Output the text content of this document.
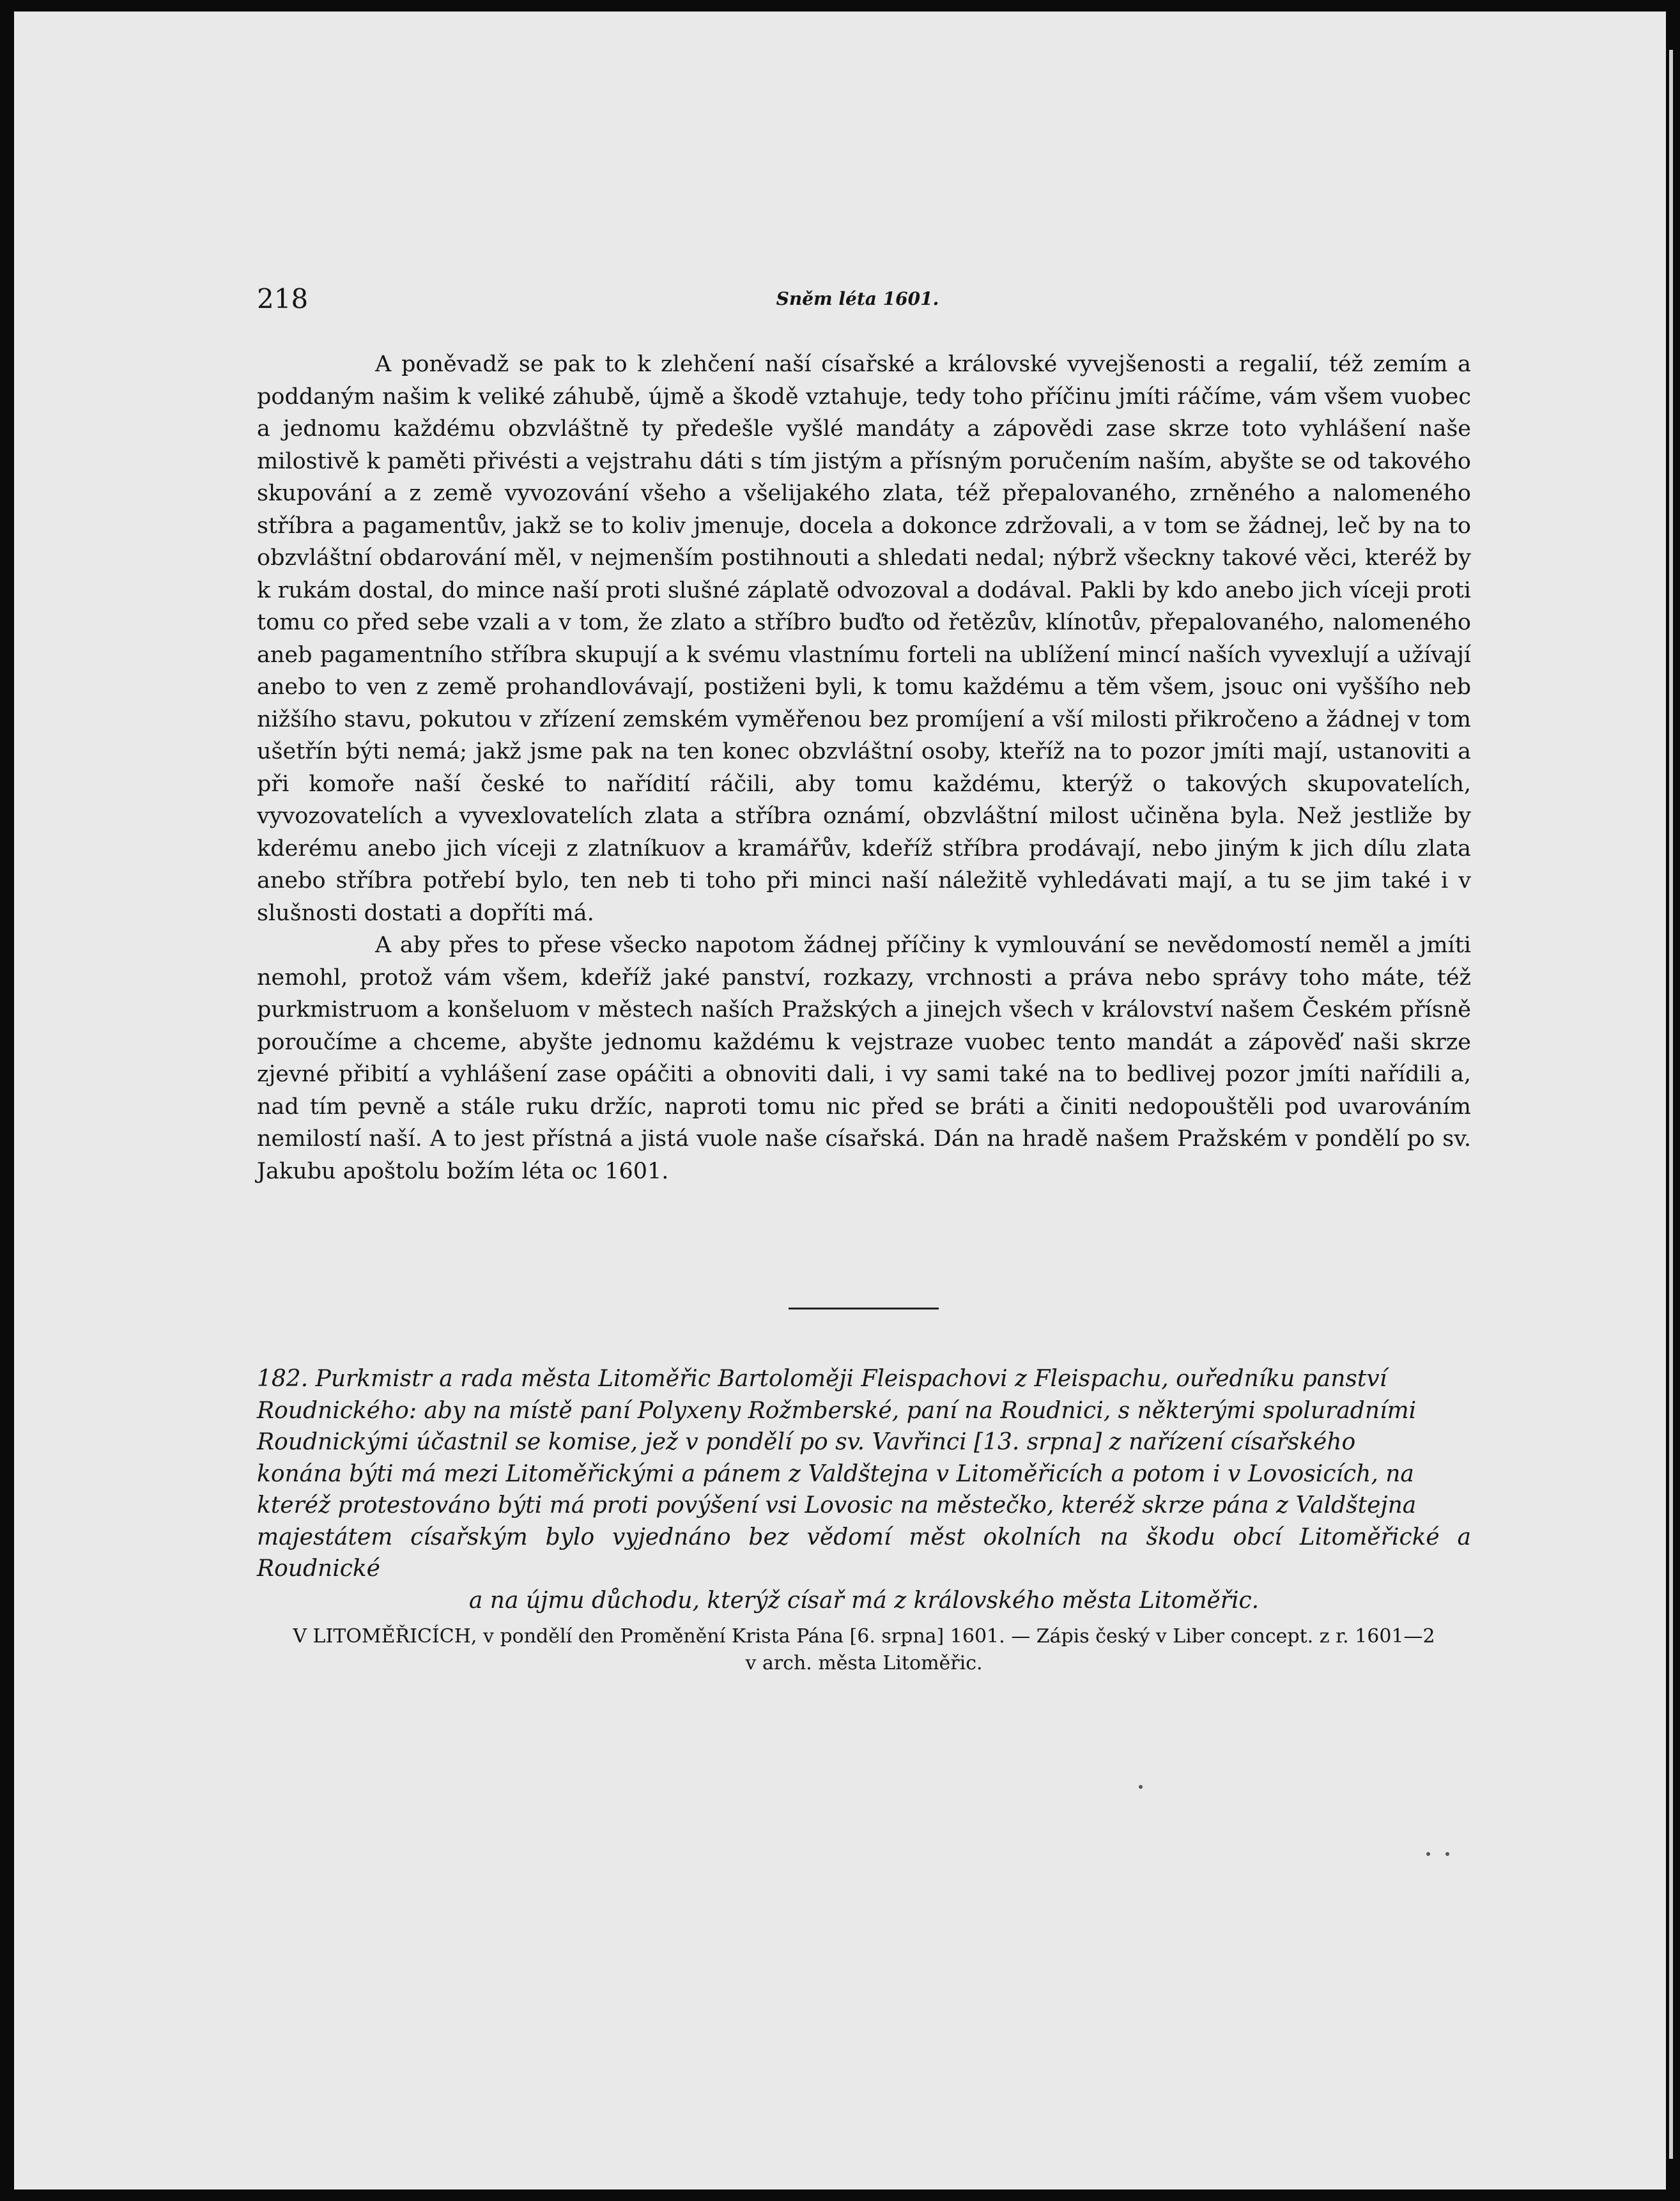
218	Sněm léta 1601.

A poněvadž se pak to k zlehčení naší císařské a královské vyvejšenosti a regalií, též zemím a poddaným našim k veliké záhubě, újmě a škodě vztahuje, tedy toho příčinu jmíti ráčíme, vám všem vuobec a jednomu každému obzvláštně ty předešle vyšlé mandáty a zápovědi zase skrze toto vyhlášení naše milostivě k paměti přivésti a vejstrahu dáti s tím jistým a přísným poručením naším, abyšte se od takového skupování a z země vyvozování všeho a všelijakého zlata, též přepalovaného, zrněného a nalomeného stříbra a pagamentův, jakž se to koliv jmenuje, docela a dokonce zdržovali, a v tom se žádnej, leč by na to obzvláštní obdarování měl, v nejmenším postihnouti a shledati nedal; nýbrž všeckny takové věci, kteréž by k rukám dostal, do mince naší proti slušné záplatě odvozoval a dodával. Pakli by kdo anebo jich víceji proti tomu co před sebe vzali a v tom, že zlato a stříbro buďto od řetězův, klínotův, přepalovaného, nalomeného aneb pagamentního stříbra skupují a k svému vlastnímu forteli na ublížení mincí naších vyvexlují a užívají anebo to ven z země prohandlovávají, postiženi byli, k tomu každému a těm všem, jsouc oni vyššího neb nižšího stavu, pokutou v zřízení zemském vyměřenou bez promíjení a vší milosti přikročeno a žádnej v tom ušetřín býti nemá; jakž jsme pak na ten konec obzvláštní osoby, kteříž na to pozor jmíti mají, ustanoviti a při komoře naší české to nařídití ráčili, aby tomu každému, kterýž o takových skupovatelích, vyvozovatelích a vyvexlovatelích zlata a stříbra oznámí, obzvláštní milost učiněna byla. Než jestliže by kderému anebo jich víceji z zlatníkuov a kramářův, kdeříž stříbra prodávají, nebo jiným k jich dílu zlata anebo stříbra potřebí bylo, ten neb ti toho při minci naší náležitě vyhledávati mají, a tu se jim také i v slušnosti dostati a dopříti má.

A aby přes to přese všecko napotom žádnej příčiny k vymlouvání se nevědomostí neměl a jmíti nemohl, protož vám všem, kdeříž jaké panství, rozkazy, vrchnosti a práva nebo správy toho máte, též purkmistruom a konšeluom v městech naších Pražských a jinejch všech v království našem Českém přísně poroučíme a chceme, abyšte jednomu každému k vejstraze vuobec tento mandát a zápověď naši skrze zjevné přibití a vyhlášení zase opáčiti a obnoviti dali, i vy sami také na to bedlivej pozor jmíti nařídili a, nad tím pevně a stále ruku držíc, naproti tomu nic před se bráti a činiti nedopouštěli pod uvarováním nemilostí naší. A to jest přístná a jistá vuole naše císařská. Dán na hradě našem Pražském v pondělí po sv. Jakubu apoštolu božím léta oc 1601.

182. Purkmistr a rada města Litoměřic Bartoloměji Fleispachovi z Fleispachu, ouředníku panství

Roudnického: aby na místě paní Polyxeny Rožmberské, paní na Roudnici, s některými spoluradními

Roudnickými účastnil se komise, jež v pondělí po sv. Vavřinci [13. srpna] z nařízení císařského

konána býti má mezi Litoměřickými a pánem z Valdštejna v Litoměřicích a potom i v Lovosicích, na

kteréž protestováno býti má proti povýšení vsi Lovosic na městečko, kteréž skrze pána z Valdštejna

majestátem císařským bylo vyjednáno bez vědomí měst okolních na škodu obcí Litoměřické a Roudnické

a na újmu důchodu, kterýž císař má z královského města Litoměřic.

V LITOMĚŘICÍCH, v pondělí den Proměnění Krista Pána [6. srpna] 1601. — Zápis český v Liber concept. z r. 1601—2
v arch. města Litoměřic.
